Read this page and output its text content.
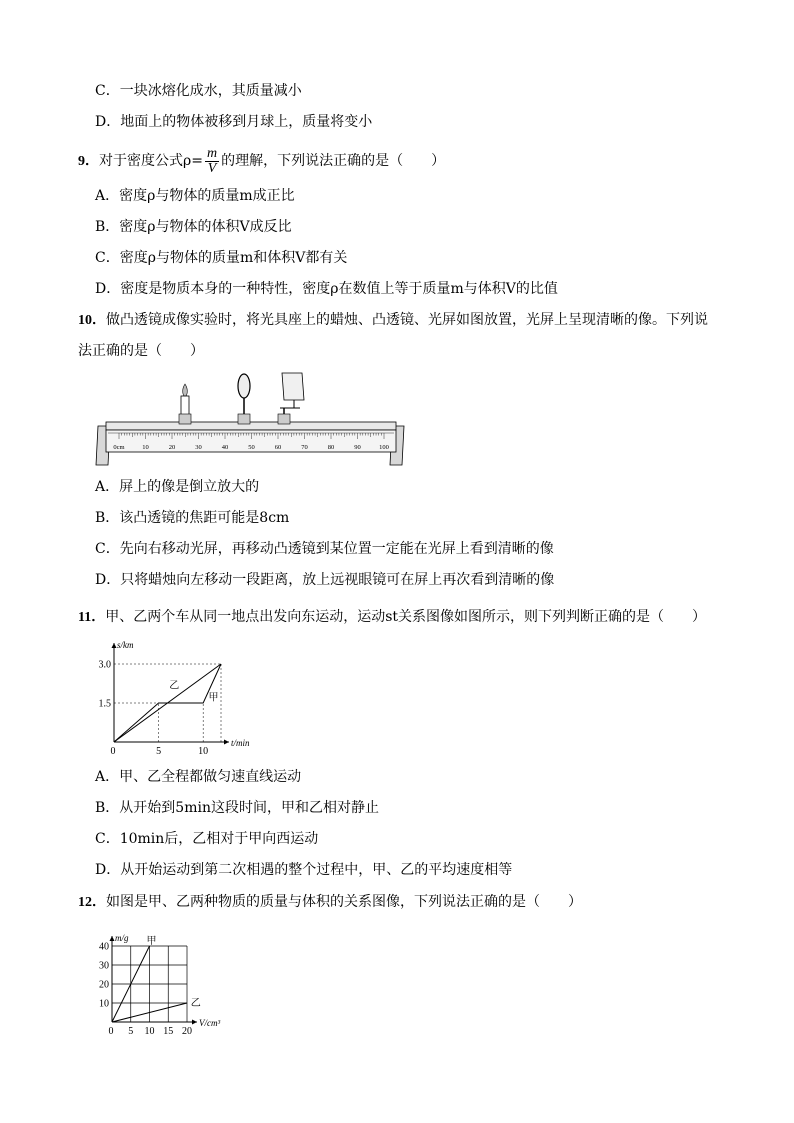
C．一块冰熔化成水，其质量减小
D．地面上的物体被移到月球上，质量将变小
9．对于密度公式$\rho= \frac{m}{V}$ 的理解，下列说法正确的是（　　）
A．密度ρ与物体的质量m成正比
B．密度ρ与物体的体积V成反比
C．密度ρ与物体的质量m和体积V都有关
D．密度是物质本身的一种特性，密度ρ在数值上等于质量m与体积V的比值
10．做凸透镜成像实验时，将光具座上的蜡烛、凸透镜、光屏如图放置，光屏上呈现清晰的像。下列说
法正确的是（　　）
0cm	10	20	30	40	50	60	70	80	90	100
A．屏上的像是倒立放大的
B．该凸透镜的焦距可能是8cm
C．先向右移动光屏，再移动凸透镜到某位置一定能在光屏上看到清晰的像
D．只将蜡烛向左移动一段距离，放上远视眼镜可在屏上再次看到清晰的像
11．甲、乙两个车从同一地点出发向东运动，运动st关系图像如图所示，则下列判断正确的是（　　）
0	5	10
1.5
3.0
t/min
s/km
甲
乙
A．甲、乙全程都做匀速直线运动
B．从开始到5min这段时间，甲和乙相对静止
C．10min后，乙相对于甲向西运动
D．从开始运动到第二次相遇的整个过程中，甲、乙的平均速度相等
12．如图是甲、乙两种物质的质量与体积的关系图像，下列说法正确的是（　　）
0 5 10 15 20
10
20
30
40
V/cm³
m/g 甲
乙
